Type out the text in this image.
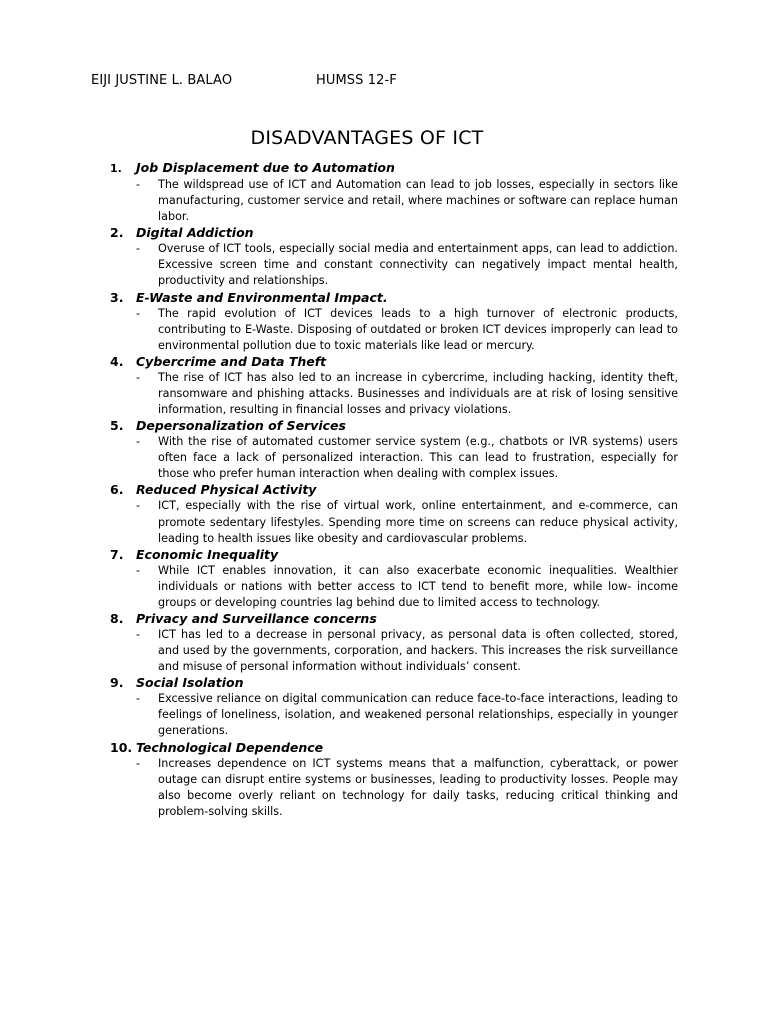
EIJI JUSTINE L. BALAO	HUMSS 12-F
DISADVANTAGES OF ICT
1.	Job Displacement due to Automation
- The wildspread use of ICT and Automation can lead to job losses, especially in sectors like manufacturing, customer service and retail, where machines or software can replace human labor.
2.	Digital Addiction
- Overuse of ICT tools, especially social media and entertainment apps, can lead to addiction. Excessive screen time and constant connectivity can negatively impact mental health, productivity and relationships.
3.	E-Waste and Environmental Impact.
- The rapid evolution of ICT devices leads to a high turnover of electronic products, contributing to E-Waste. Disposing of outdated or broken ICT devices improperly can lead to environmental pollution due to toxic materials like lead or mercury.
4.	Cybercrime and Data Theft
- The rise of ICT has also led to an increase in cybercrime, including hacking, identity theft, ransomware and phishing attacks. Businesses and individuals are at risk of losing sensitive information, resulting in financial losses and privacy violations.
5.	Depersonalization of Services
- With the rise of automated customer service system (e.g., chatbots or IVR systems) users often face a lack of personalized interaction. This can lead to frustration, especially for those who prefer human interaction when dealing with complex issues.
6.	Reduced Physical Activity
- ICT, especially with the rise of virtual work, online entertainment, and e-commerce, can promote sedentary lifestyles. Spending more time on screens can reduce physical activity, leading to health issues like obesity and cardiovascular problems.
7.	Economic Inequality
- While ICT enables innovation, it can also exacerbate economic inequalities. Wealthier individuals or nations with better access to ICT tend to benefit more, while low- income groups or developing countries lag behind due to limited access to technology.
8.	Privacy and Surveillance concerns
- ICT has led to a decrease in personal privacy, as personal data is often collected, stored, and used by the governments, corporation, and hackers. This increases the risk surveillance and misuse of personal information without individuals’ consent.
9.	Social Isolation
- Excessive reliance on digital communication can reduce face-to-face interactions, leading to feelings of loneliness, isolation, and weakened personal relationships, especially in younger generations.
10. Technological Dependence
- Increases dependence on ICT systems means that a malfunction, cyberattack, or power outage can disrupt entire systems or businesses, leading to productivity losses. People may also become overly reliant on technology for daily tasks, reducing critical thinking and problem-solving skills.
